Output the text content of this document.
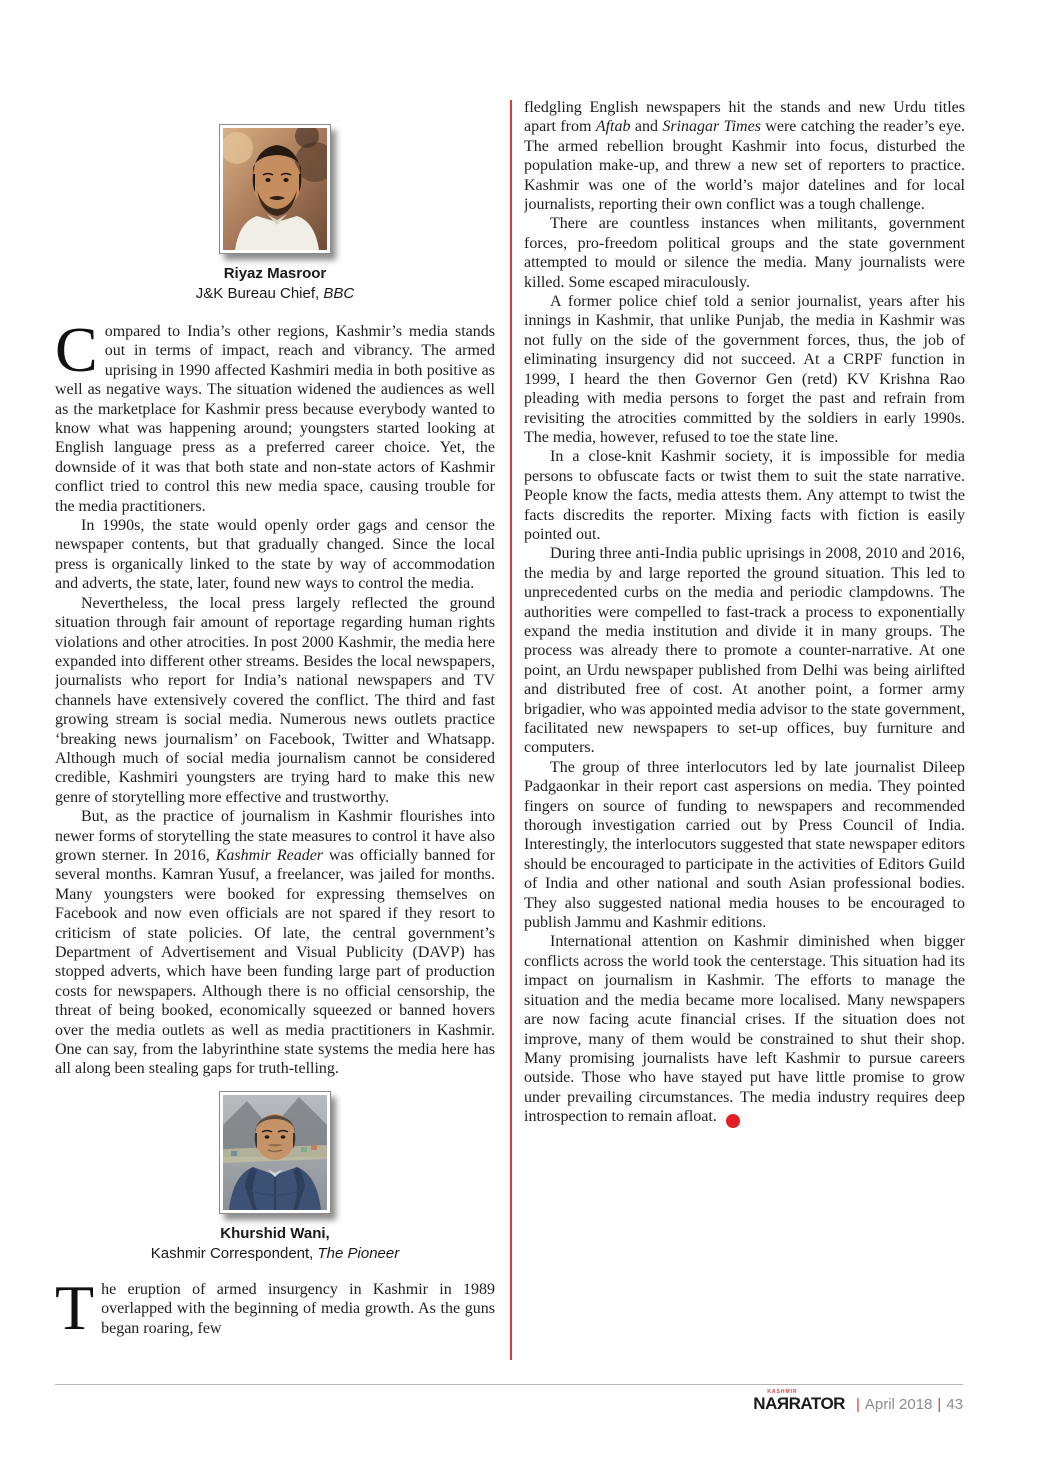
Riyaz Masroor
J&K Bureau Chief, BBC

Compared to India’s other regions, Kashmir’s media stands out in terms of impact, reach and vibrancy. The armed uprising in 1990 affected Kashmiri media in both positive as well as negative ways. The situation widened the audiences as well as the marketplace for Kashmir press because everybody wanted to know what was happening around; youngsters started looking at English language press as a preferred career choice. Yet, the downside of it was that both state and non-state actors of Kashmir conflict tried to control this new media space, causing trouble for the media practitioners.

In 1990s, the state would openly order gags and censor the newspaper contents, but that gradually changed. Since the local press is organically linked to the state by way of accommodation and adverts, the state, later, found new ways to control the media.

Nevertheless, the local press largely reflected the ground situation through fair amount of reportage regarding human rights violations and other atrocities. In post 2000 Kashmir, the media here expanded into different other streams. Besides the local newspapers, journalists who report for India’s national newspapers and TV channels have extensively covered the conflict. The third and fast growing stream is social media. Numerous news outlets practice ‘breaking news journalism’ on Facebook, Twitter and Whatsapp. Although much of social media journalism cannot be considered credible, Kashmiri youngsters are trying hard to make this new genre of storytelling more effective and trustworthy.

But, as the practice of journalism in Kashmir flourishes into newer forms of storytelling the state measures to control it have also grown sterner. In 2016, Kashmir Reader was officially banned for several months. Kamran Yusuf, a freelancer, was jailed for months. Many youngsters were booked for expressing themselves on Facebook and now even officials are not spared if they resort to criticism of state policies. Of late, the central government’s Department of Advertisement and Visual Publicity (DAVP) has stopped adverts, which have been funding large part of production costs for newspapers. Although there is no official censorship, the threat of being booked, economically squeezed or banned hovers over the media outlets as well as media practitioners in Kashmir. One can say, from the labyrinthine state systems the media here has all along been stealing gaps for truth-telling.

Khurshid Wani,
Kashmir Correspondent, The Pioneer

The eruption of armed insurgency in Kashmir in 1989 overlapped with the beginning of media growth. As the guns began roaring, few

fledgling English newspapers hit the stands and new Urdu titles apart from Aftab and Srinagar Times were catching the reader’s eye. The armed rebellion brought Kashmir into focus, disturbed the population make-up, and threw a new set of reporters to practice. Kashmir was one of the world’s major datelines and for local journalists, reporting their own conflict was a tough challenge.

There are countless instances when militants, government forces, pro-freedom political groups and the state government attempted to mould or silence the media. Many journalists were killed. Some escaped miraculously.

A former police chief told a senior journalist, years after his innings in Kashmir, that unlike Punjab, the media in Kashmir was not fully on the side of the government forces, thus, the job of eliminating insurgency did not succeed. At a CRPF function in 1999, I heard the then Governor Gen (retd) KV Krishna Rao pleading with media persons to forget the past and refrain from revisiting the atrocities committed by the soldiers in early 1990s. The media, however, refused to toe the state line.

In a close-knit Kashmir society, it is impossible for media persons to obfuscate facts or twist them to suit the state narrative. People know the facts, media attests them. Any attempt to twist the facts discredits the reporter. Mixing facts with fiction is easily pointed out.

During three anti-India public uprisings in 2008, 2010 and 2016, the media by and large reported the ground situation. This led to unprecedented curbs on the media and periodic clampdowns. The authorities were compelled to fast-track a process to exponentially expand the media institution and divide it in many groups. The process was already there to promote a counter-narrative. At one point, an Urdu newspaper published from Delhi was being airlifted and distributed free of cost. At another point, a former army brigadier, who was appointed media advisor to the state government, facilitated new newspapers to set-up offices, buy furniture and computers.

The group of three interlocutors led by late journalist Dileep Padgaonkar in their report cast aspersions on media. They pointed fingers on source of funding to newspapers and recommended thorough investigation carried out by Press Council of India. Interestingly, the interlocutors suggested that state newspaper editors should be encouraged to participate in the activities of Editors Guild of India and other national and south Asian professional bodies. They also suggested national media houses to be encouraged to publish Jammu and Kashmir editions.

International attention on Kashmir diminished when bigger conflicts across the world took the centerstage. This situation had its impact on journalism in Kashmir. The efforts to manage the situation and the media became more localised. Many newspapers are now facing acute financial crises. If the situation does not improve, many of them would be constrained to shut their shop. Many promising journalists have left Kashmir to pursue careers outside. Those who have stayed put have little promise to grow under prevailing circumstances. The media industry requires deep introspection to remain afloat.	N

KASHMIR
NAЯRATOR | April 2018 | 43
